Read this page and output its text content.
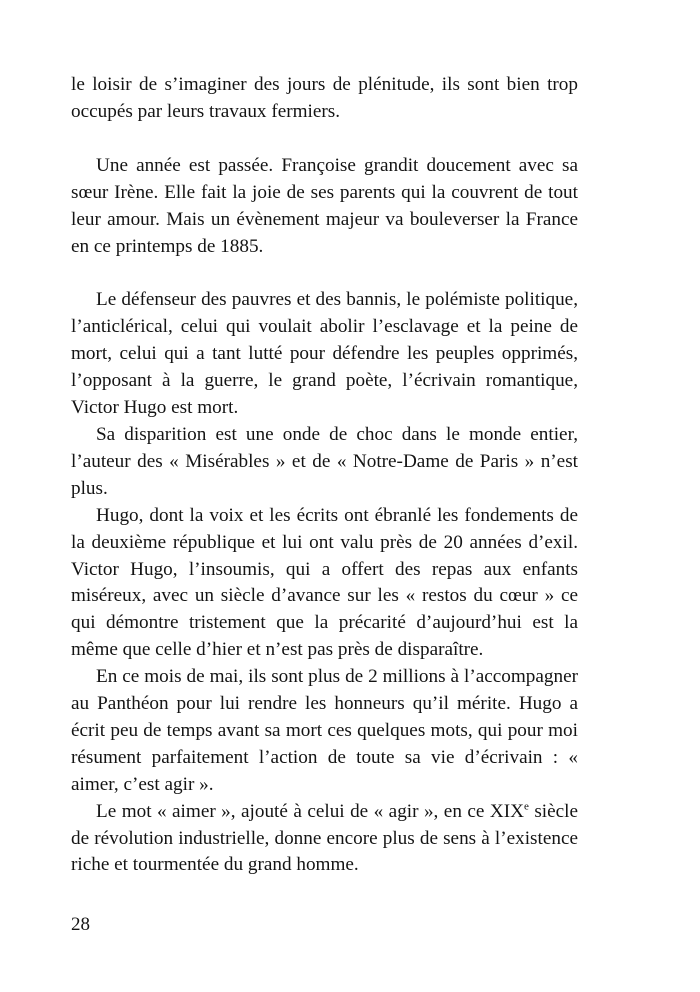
le loisir de s’imaginer des jours de plénitude, ils sont bien trop occupés par leurs travaux fermiers.

Une année est passée. Françoise grandit doucement avec sa sœur Irène. Elle fait la joie de ses parents qui la couvrent de tout leur amour. Mais un évènement majeur va bouleverser la France en ce printemps de 1885.

Le défenseur des pauvres et des bannis, le polémiste politique, l’anticlérical, celui qui voulait abolir l’esclavage et la peine de mort, celui qui a tant lutté pour défendre les peuples opprimés, l’opposant à la guerre, le grand poète, l’écrivain romantique, Victor Hugo est mort.

Sa disparition est une onde de choc dans le monde entier, l’auteur des « Misérables » et de « Notre-Dame de Paris » n’est plus.

Hugo, dont la voix et les écrits ont ébranlé les fondements de la deuxième république et lui ont valu près de 20 années d’exil. Victor Hugo, l’insoumis, qui a offert des repas aux enfants miséreux, avec un siècle d’avance sur les « restos du cœur » ce qui démontre tristement que la précarité d’aujourd’hui est la même que celle d’hier et n’est pas près de disparaître.

En ce mois de mai, ils sont plus de 2 millions à l’accompagner au Panthéon pour lui rendre les honneurs qu’il mérite. Hugo a écrit peu de temps avant sa mort ces quelques mots, qui pour moi résument parfaitement l’action de toute sa vie d’écrivain : « aimer, c’est agir ».

Le mot « aimer », ajouté à celui de « agir », en ce XIXe siècle de révolution industrielle, donne encore plus de sens à l’existence riche et tourmentée du grand homme.

28
